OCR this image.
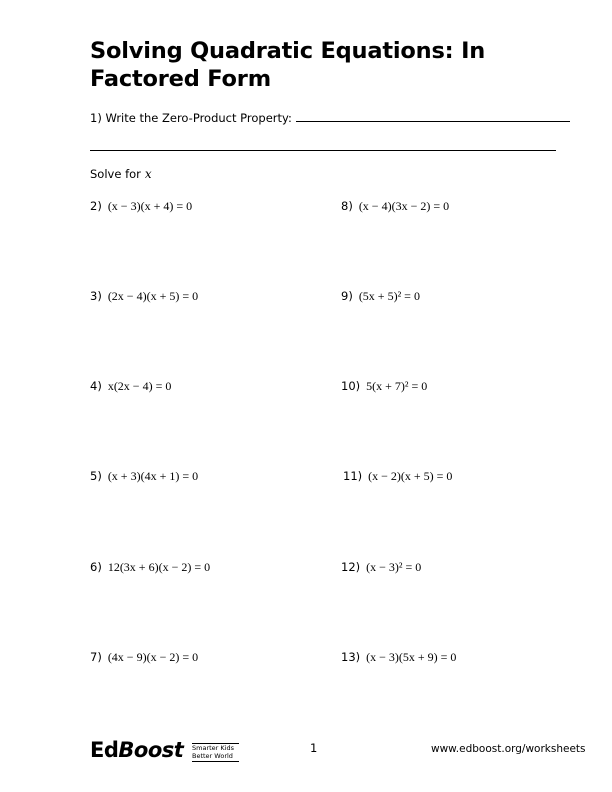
Solving Quadratic Equations: In Factored Form
1) Write the Zero-Product Property:
Solve for x
2) (x − 3)(x + 4) = 0
3) (2x − 4)(x + 5) = 0
4) x(2x − 4) = 0
5) (x + 3)(4x + 1) = 0
6) 12(3x + 6)(x − 2) = 0
7) (4x − 9)(x − 2) = 0
8) (x − 4)(3x − 2) = 0
9) (5x + 5)² = 0
10) 5(x + 7)² = 0
11) (x − 2)(x + 5) = 0
12) (x − 3)² = 0
13) (x − 3)(5x + 9) = 0
EdBoost Smarter Kids
Better World
1	www.edboost.org/worksheets
